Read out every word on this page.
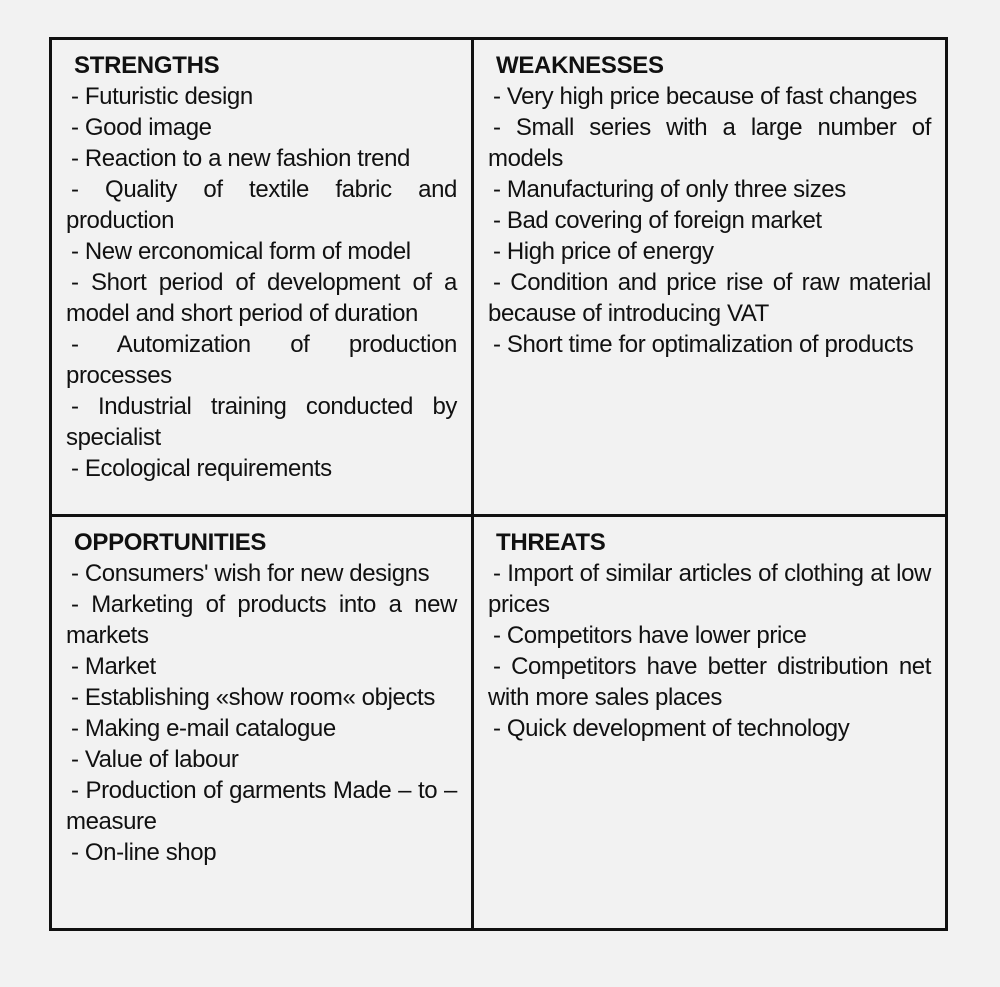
STRENGTHS
- Futuristic design
- Good image
- Reaction to a new fashion trend
- Quality of textile fabric and production
- New erconomical form of model
- Short period of development of a model and short period of duration
- Automization of production processes
- Industrial training conducted by specialist
- Ecological requirements
WEAKNESSES
- Very high price because of fast changes
- Small series with a large number of models
- Manufacturing of only three sizes
- Bad covering of foreign market
- High price of energy
- Condition and price rise of raw material because of introducing VAT
- Short time for optimalization of products
OPPORTUNITIES
- Consumers' wish for new designs
- Marketing of products into a new markets
- Market
- Establishing «show room« objects
- Making e-mail catalogue
- Value of labour
- Production of garments Made – to –measure
- On-line shop
THREATS
- Import of similar articles of clothing at low prices
- Competitors have lower price
- Competitors have better distribution net with more sales places
- Quick development of technology
